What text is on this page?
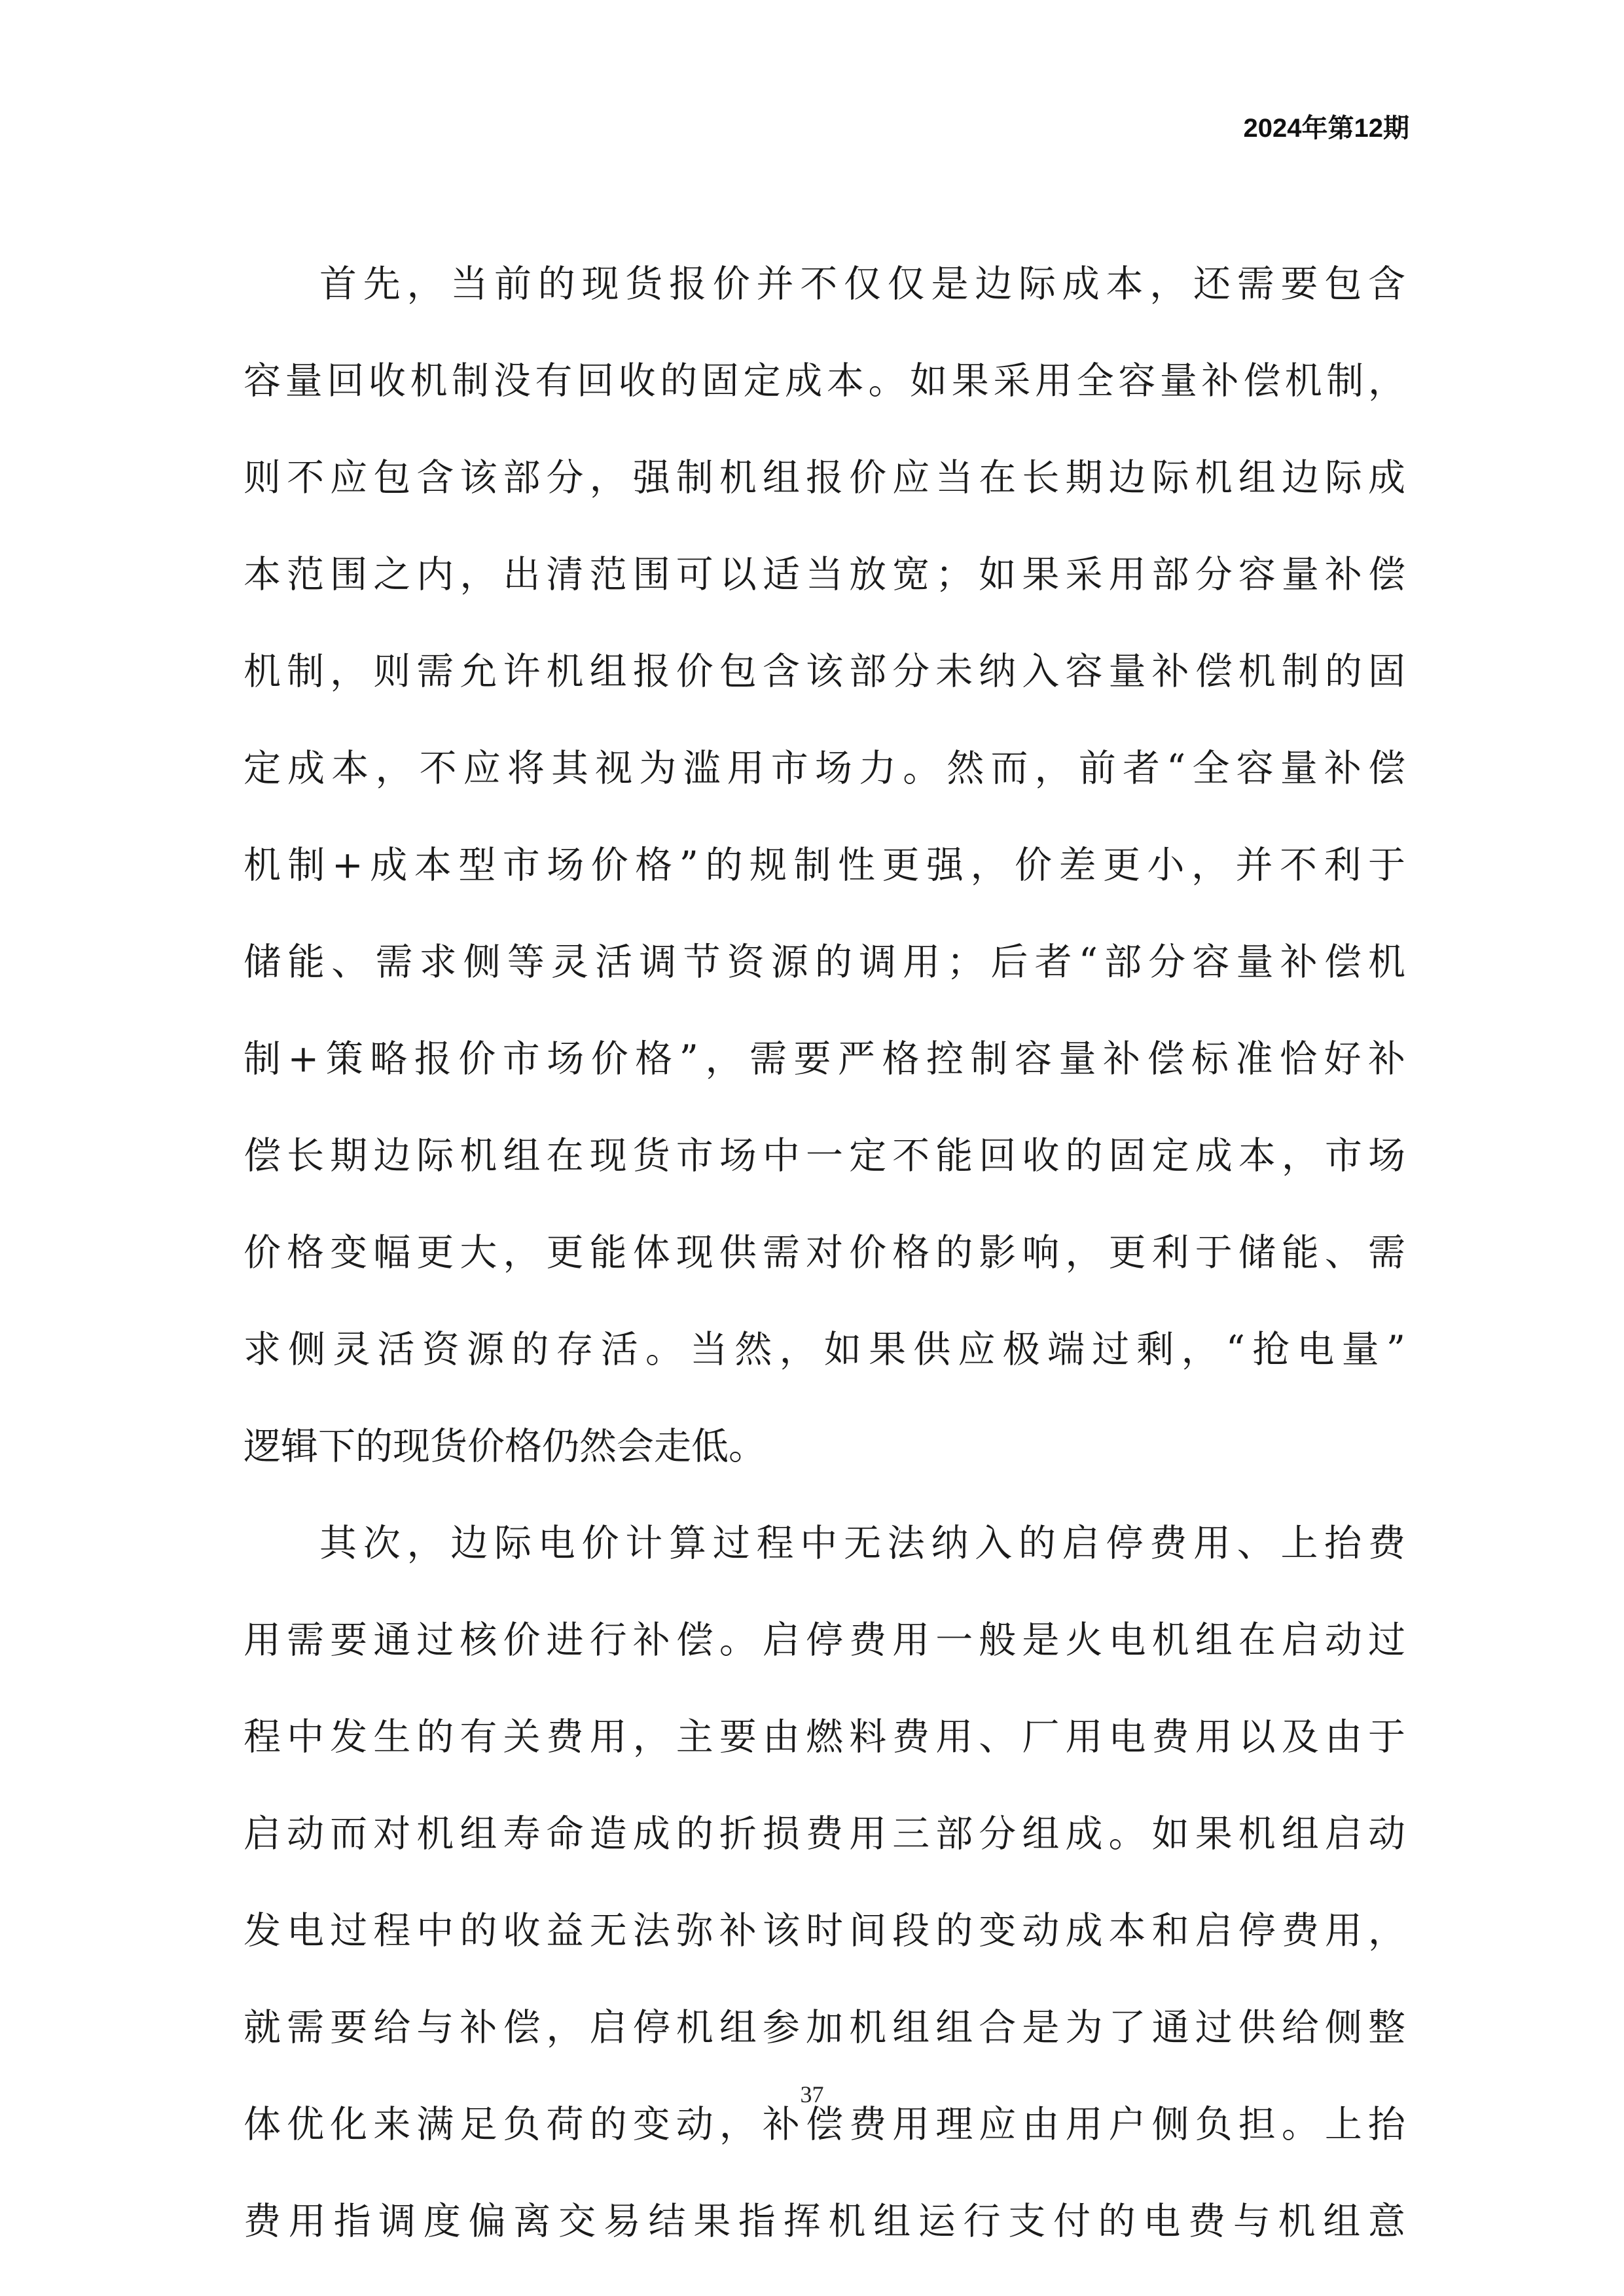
2024年第12期
首先，当前的现货报价并不仅仅是边际成本，还需要包含
容量回收机制没有回收的固定成本。如果采用全容量补偿机制，
则不应包含该部分，强制机组报价应当在长期边际机组边际成
本范围之内，出清范围可以适当放宽；如果采用部分容量补偿
机制，则需允许机组报价包含该部分未纳入容量补偿机制的固
定成本，不应将其视为滥用市场力。然而，前者“全容量补偿
机制+成本型市场价格”的规制性更强，价差更小，并不利于
储能、需求侧等灵活调节资源的调用；后者“部分容量补偿机
制+策略报价市场价格”，需要严格控制容量补偿标准恰好补
偿长期边际机组在现货市场中一定不能回收的固定成本，市场
价格变幅更大，更能体现供需对价格的影响，更利于储能、需
求侧灵活资源的存活。当然，如果供应极端过剩，“抢电量”
逻辑下的现货价格仍然会走低。
其次，边际电价计算过程中无法纳入的启停费用、上抬费
用需要通过核价进行补偿。启停费用一般是火电机组在启动过
程中发生的有关费用，主要由燃料费用、厂用电费用以及由于
启动而对机组寿命造成的折损费用三部分组成。如果机组启动
发电过程中的收益无法弥补该时间段的变动成本和启停费用，
就需要给与补偿，启停机组参加机组组合是为了通过供给侧整
体优化来满足负荷的变动，补偿费用理应由用户侧负担。上抬
费用指调度偏离交易结果指挥机组运行支付的电费与机组意
37
